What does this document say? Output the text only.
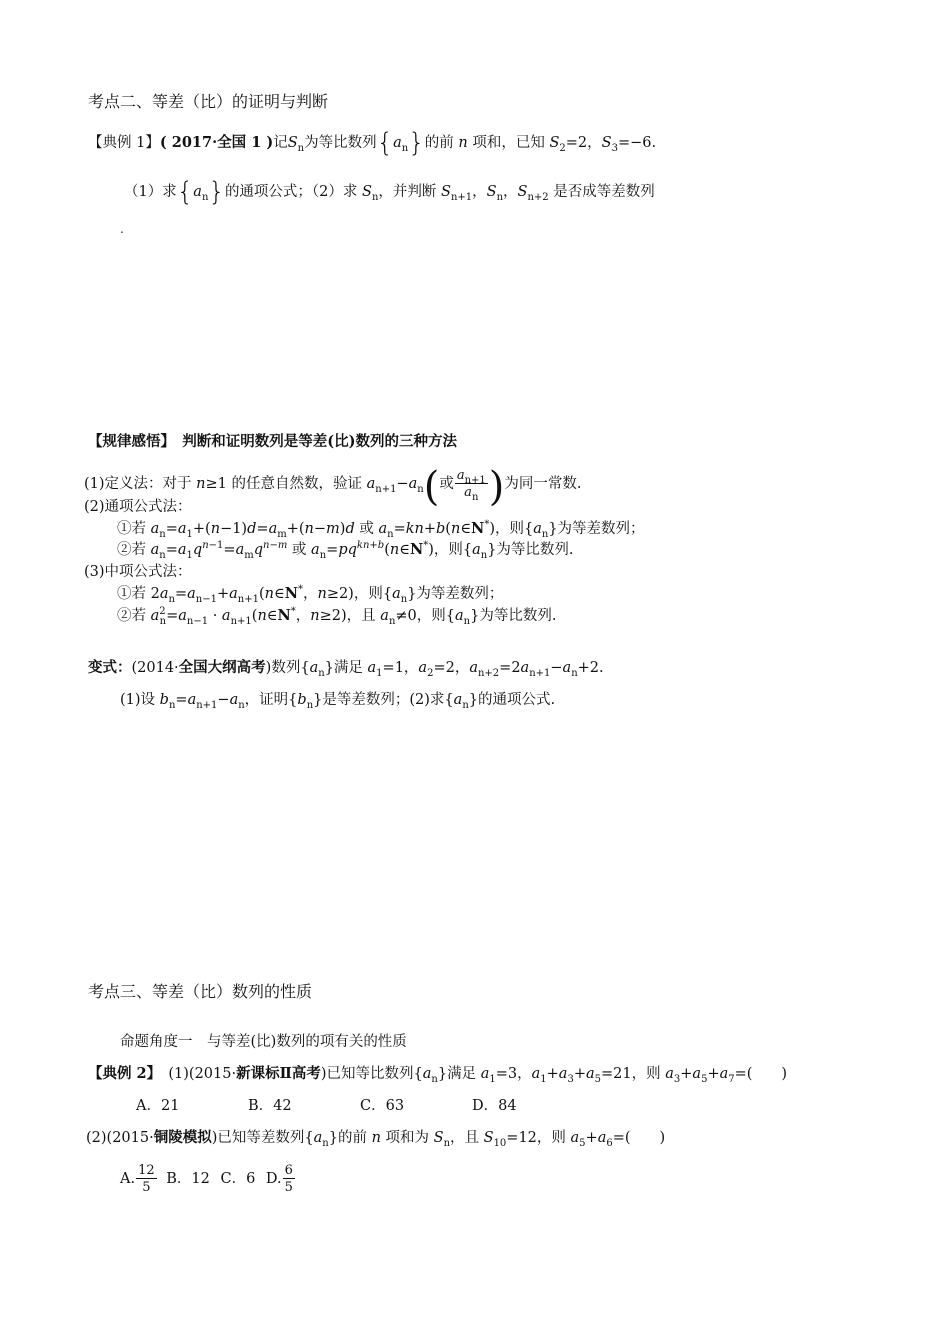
考点二、等差（比）的证明与判断
【典例 1】( 2017·全国 1 )记$S_n$为等比数列$\{a_n\}$的前 n 项和，已知 $S_2=2$，$S_3=-6$.
（1）求$\{a_n\}$的通项公式；（2）求 $S_n$，并判断 $S_{n+1}$，$S_n$，$S_{n+2}$ 是否成等差数列
.
【规律感悟】　 判断和证明数列是等差(比)数列的三种方法
(1)定义法：对于 n≥1 的任意自然数，验证 $a_{n+1}-a_n$(或 $\frac{a_{n+1}}{a_n}$ )为同一常数.
(2)通项公式法：
①若 $a_n=a_1+(n-1)d=a_m+(n-m)d$ 或 $a_n=kn+b(n\in N^*)$，则$\{a_n\}$为等差数列；
②若 $a_n=a_1q^{n-1}=a_mq^{n-m}$ 或 $a_n=pq^{kn+b}(n\in N^*)$，则$\{a_n\}$为等比数列.
(3)中项公式法：
①若 $2a_n=a_{n-1}+a_{n+1}(n\in N^*$，n≥2)，则$\{a_n\}$为等差数列；
②若 $a^2_n=a_{n-1}$ · $a_{n+1}(n\in N^*$，n≥2)，且 $a_n\ne 0$，则$\{a_n\}$为等比数列.
变式：(2014·全国大纲高考)数列$\{a_n\}$满足 $a_1=1$，$a_2=2$，$a_{n+2}=2a_{n+1}-a_n+2$.
(1)设 $b_n=a_{n+1}-a_n$，证明$\{b_n\}$是等差数列；(2)求$\{a_n\}$的通项公式.
考点三、等差（比）数列的性质
命题角度一　与等差(比)数列的项有关的性质
【典例 2】　 (1)(2015·新课标Ⅱ高考)已知等比数列$\{a_n\}$满足 $a_1=3$，$a_1+a_3+a_5=21$，则 $a_3+a_5+a_7=$(　　)
A．21	B．42	C．63	D．84
(2)(2015·铜陵模拟)已知等差数列$\{a_n\}$的前 n 项和为 $S_n$，且 $S_{10}=12$，则 $a_5+a_6=$(　　)
A. $\frac{12}{5}$ B．12 C．6 D. $\frac{6}{5}$
